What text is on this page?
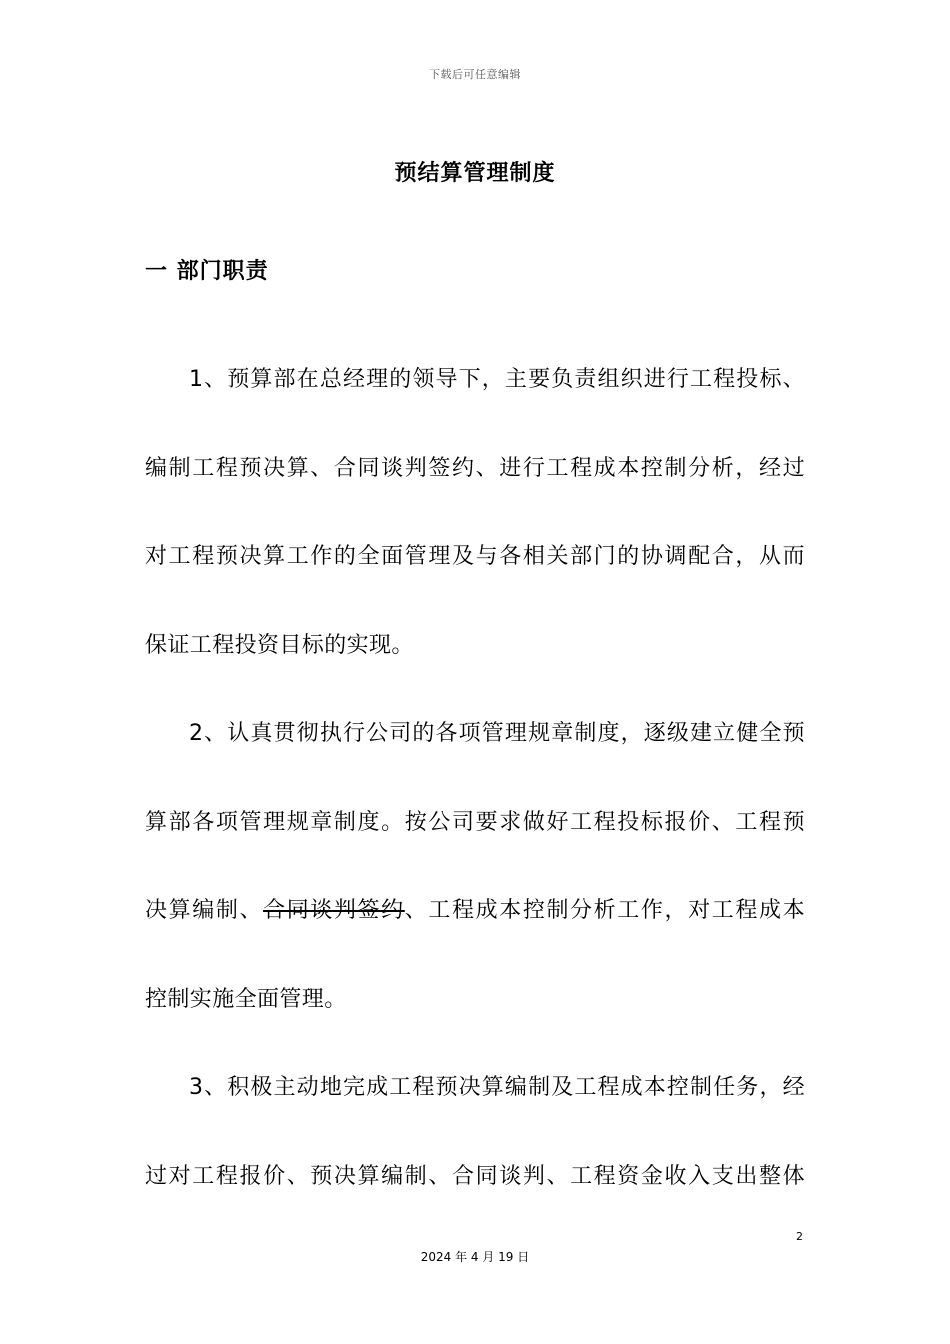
下载后可任意编辑
预结算管理制度
一 部门职责
1、预算部在总经理的领导下，主要负责组织进行工程投标、
编制工程预决算、合同谈判签约、进行工程成本控制分析，经过
对工程预决算工作的全面管理及与各相关部门的协调配合，从而
保证工程投资目标的实现。
2、认真贯彻执行公司的各项管理规章制度，逐级建立健全预
算部各项管理规章制度。按公司要求做好工程投标报价、工程预
决算编制、合同谈判签约、工程成本控制分析工作，对工程成本
控制实施全面管理。
3、积极主动地完成工程预决算编制及工程成本控制任务，经
过对工程报价、预决算编制、合同谈判、工程资金收入支出整体
2
2024 年 4 月 19 日
